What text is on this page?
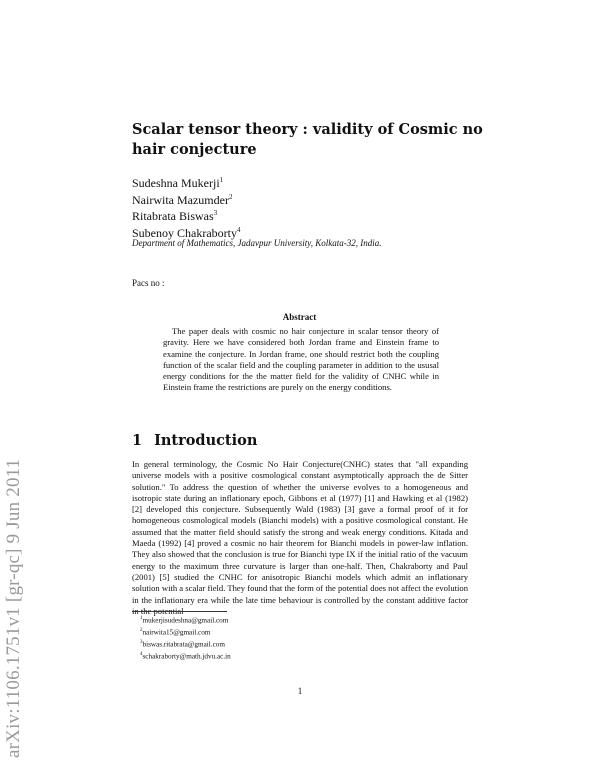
arXiv:1106.1751v1 [gr-qc] 9 Jun 2011
Scalar tensor theory : validity of Cosmic no hair conjecture
Sudeshna Mukerji$^1$
Nairwita Mazumder$^2$
Ritabrata Biswas$^3$
Subenoy Chakraborty$^4$
Department of Mathematics, Jadavpur University, Kolkata-32, India.
Pacs no :
Abstract
The paper deals with cosmic no hair conjecture in scalar tensor theory of gravity. Here we have considered both Jordan frame and Einstein frame to examine the conjecture. In Jordan frame, one should restrict both the coupling function of the scalar field and the coupling parameter in addition to the ususal energy conditions for the the matter field for the validity of CNHC while in Einstein frame the restrictions are purely on the energy conditions.
1 Introduction
In general terminology, the Cosmic No Hair Conjecture(CNHC) states that "all expanding universe models with a positive cosmological constant asymptotically approach the de Sitter solution." To address the question of whether the universe evolves to a homogeneous and isotropic state during an inflationary epoch, Gibbons et al (1977) [1] and Hawking et al (1982) [2] developed this conjecture. Subsequently Wald (1983) [3] gave a formal proof of it for homogeneous cosmological models (Bianchi models) with a positive cosmological constant. He assumed that the matter field should satisfy the strong and weak energy conditions. Kitada and Maeda (1992) [4] proved a cosmic no hair theorem for Bianchi models in power-law inflation. They also showed that the conclusion is true for Bianchi type IX if the initial ratio of the vacuum energy to the maximum three curvature is larger than one-half. Then, Chakraborty and Paul (2001) [5] studied the CNHC for anisotropic Bianchi models which admit an inflationary solution with a scalar field. They found that the form of the potential does not affect the evolution in the inflationary era while the late time behaviour is controlled by the constant additive factor in the potential
$^1$mukerjisudeshna@gmail.com
$^2$nairwita15@gmail.com
$^3$biswas.ritabrata@gmail.com
$^4$schakraborty@math.jdvu.ac.in
1
